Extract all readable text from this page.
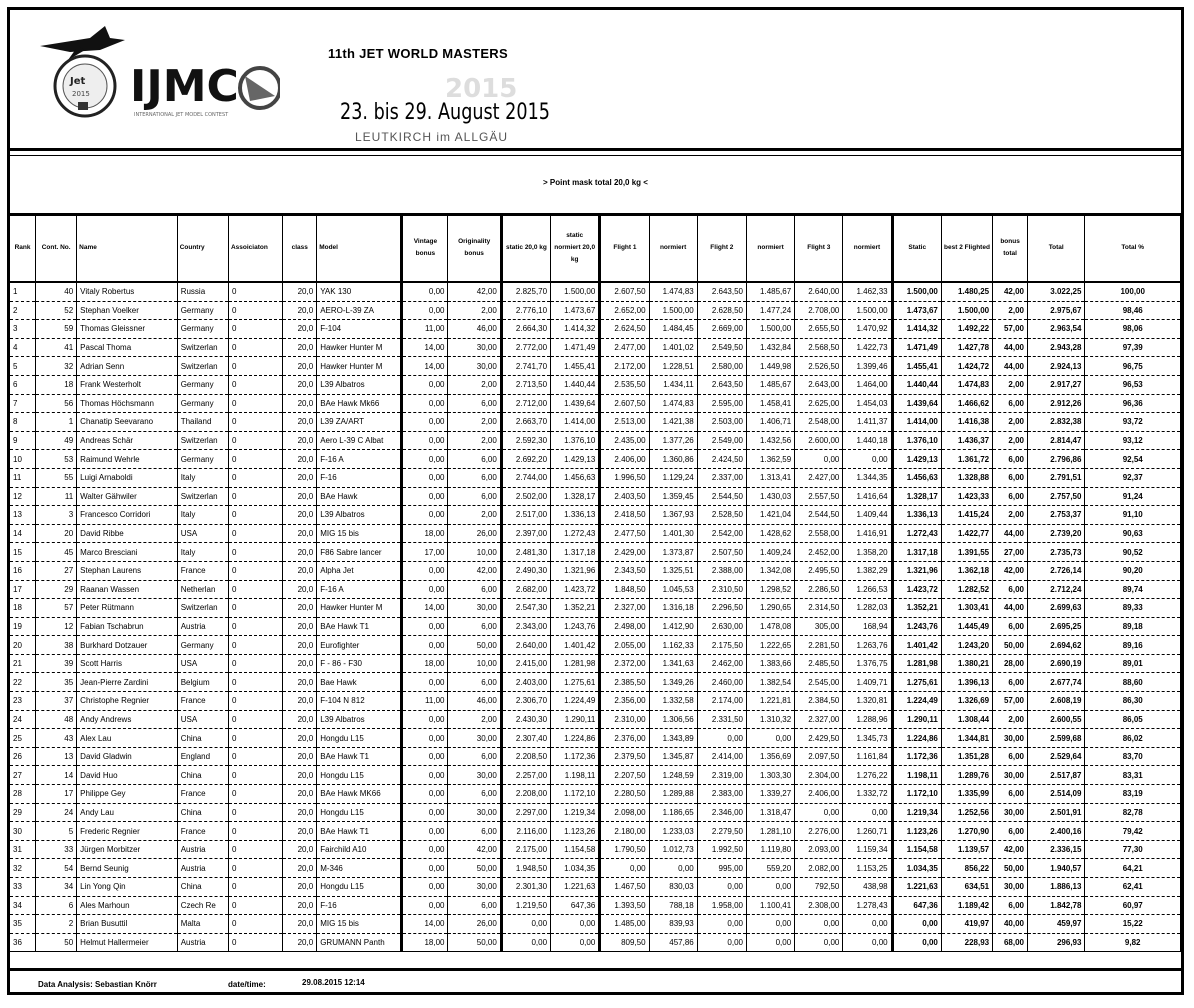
Jet
2015 IJMC
INTERNATIONAL JET MODEL CONTEST
11th JET WORLD MASTERS
2015
23. bis 29. August 2015
LEUTKIRCH im ALLGÄU
> Point mask total 20,0 kg <
Rank	Cont. No.	Name	Country	Assoiciaton	class	Model	Vintage bonus	Originality bonus	static 20,0 kg	static normiert 20,0 kg	Flight 1	normiert	Flight 2	normiert	Flight 3	normiert	Static	best 2 Flighted	bonus total	Total	Total %
1	40	Vitaly Robertus	Russia	0	20,0	YAK 130	0,00	42,00	2.825,70	1.500,00	2.607,50	1.474,83	2.643,50	1.485,67	2.640,00	1.462,33	1.500,00	1.480,25	42,00	3.022,25	100,00
2	52	Stephan Voelker	Germany	0	20,0	AERO-L-39 ZA	0,00	2,00	2.776,10	1.473,67	2.652,00	1.500,00	2.628,50	1.477,24	2.708,00	1.500,00	1.473,67	1.500,00	2,00	2.975,67	98,46
3	59	Thomas Gleissner	Germany	0	20,0	F-104	11,00	46,00	2.664,30	1.414,32	2.624,50	1.484,45	2.669,00	1.500,00	2.655,50	1.470,92	1.414,32	1.492,22	57,00	2.963,54	98,06
4	41	Pascal Thoma	Switzerlan	0	20,0	Hawker Hunter M	14,00	30,00	2.772,00	1.471,49	2.477,00	1.401,02	2.549,50	1.432,84	2.568,50	1.422,73	1.471,49	1.427,78	44,00	2.943,28	97,39
5	32	Adrian Senn	Switzerlan	0	20,0	Hawker Hunter M	14,00	30,00	2.741,70	1.455,41	2.172,00	1.228,51	2.580,00	1.449,98	2.526,50	1.399,46	1.455,41	1.424,72	44,00	2.924,13	96,75
6	18	Frank Westerholt	Germany	0	20,0	L39 Albatros	0,00	2,00	2.713,50	1.440,44	2.535,50	1.434,11	2.643,50	1.485,67	2.643,00	1.464,00	1.440,44	1.474,83	2,00	2.917,27	96,53
7	56	Thomas Höchsmann	Germany	0	20,0	BAe Hawk Mk66	0,00	6,00	2.712,00	1.439,64	2.607,50	1.474,83	2.595,00	1.458,41	2.625,00	1.454,03	1.439,64	1.466,62	6,00	2.912,26	96,36
8	1	Chanatip Seevarano	Thailand	0	20,0	L39 ZA/ART	0,00	2,00	2.663,70	1.414,00	2.513,00	1.421,38	2.503,00	1.406,71	2.548,00	1.411,37	1.414,00	1.416,38	2,00	2.832,38	93,72
9	49	Andreas Schär	Switzerlan	0	20,0	Aero L-39 C Albat	0,00	2,00	2.592,30	1.376,10	2.435,00	1.377,26	2.549,00	1.432,56	2.600,00	1.440,18	1.376,10	1.436,37	2,00	2.814,47	93,12
10	53	Raimund Wehrle	Germany	0	20,0	F-16 A	0,00	6,00	2.692,20	1.429,13	2.406,00	1.360,86	2.424,50	1.362,59	0,00	0,00	1.429,13	1.361,72	6,00	2.796,86	92,54
11	55	Luigi Arnaboldi	Italy	0	20,0	F-16	0,00	6,00	2.744,00	1.456,63	1.996,50	1.129,24	2.337,00	1.313,41	2.427,00	1.344,35	1.456,63	1.328,88	6,00	2.791,51	92,37
12	11	Walter Gähwiler	Switzerlan	0	20,0	BAe Hawk	0,00	6,00	2.502,00	1.328,17	2.403,50	1.359,45	2.544,50	1.430,03	2.557,50	1.416,64	1.328,17	1.423,33	6,00	2.757,50	91,24
13	3	Francesco Corridori	Italy	0	20,0	L39 Albatros	0,00	2,00	2.517,00	1.336,13	2.418,50	1.367,93	2.528,50	1.421,04	2.544,50	1.409,44	1.336,13	1.415,24	2,00	2.753,37	91,10
14	20	David Ribbe	USA	0	20,0	MIG 15 bis	18,00	26,00	2.397,00	1.272,43	2.477,50	1.401,30	2.542,00	1.428,62	2.558,00	1.416,91	1.272,43	1.422,77	44,00	2.739,20	90,63
15	45	Marco Bresciani	Italy	0	20,0	F86 Sabre lancer	17,00	10,00	2.481,30	1.317,18	2.429,00	1.373,87	2.507,50	1.409,24	2.452,00	1.358,20	1.317,18	1.391,55	27,00	2.735,73	90,52
16	27	Stephan Laurens	France	0	20,0	Alpha Jet	0,00	42,00	2.490,30	1.321,96	2.343,50	1.325,51	2.388,00	1.342,08	2.495,50	1.382,29	1.321,96	1.362,18	42,00	2.726,14	90,20
17	29	Raanan Wassen	Netherlan	0	20,0	F-16 A	0,00	6,00	2.682,00	1.423,72	1.848,50	1.045,53	2.310,50	1.298,52	2.286,50	1.266,53	1.423,72	1.282,52	6,00	2.712,24	89,74
18	57	Peter Rütmann	Switzerlan	0	20,0	Hawker Hunter M	14,00	30,00	2.547,30	1.352,21	2.327,00	1.316,18	2.296,50	1.290,65	2.314,50	1.282,03	1.352,21	1.303,41	44,00	2.699,63	89,33
19	12	Fabian Tschabrun	Austria	0	20,0	BAe Hawk T1	0,00	6,00	2.343,00	1.243,76	2.498,00	1.412,90	2.630,00	1.478,08	305,00	168,94	1.243,76	1.445,49	6,00	2.695,25	89,18
20	38	Burkhard Dotzauer	Germany	0	20,0	Eurofighter	0,00	50,00	2.640,00	1.401,42	2.055,00	1.162,33	2.175,50	1.222,65	2.281,50	1.263,76	1.401,42	1.243,20	50,00	2.694,62	89,16
21	39	Scott Harris	USA	0	20,0	F - 86 - F30	18,00	10,00	2.415,00	1.281,98	2.372,00	1.341,63	2.462,00	1.383,66	2.485,50	1.376,75	1.281,98	1.380,21	28,00	2.690,19	89,01
22	35	Jean-Pierre Zardini	Belgium	0	20,0	Bae Hawk	0,00	6,00	2.403,00	1.275,61	2.385,50	1.349,26	2.460,00	1.382,54	2.545,00	1.409,71	1.275,61	1.396,13	6,00	2.677,74	88,60
23	37	Christophe Regnier	France	0	20,0	F-104 N 812	11,00	46,00	2.306,70	1.224,49	2.356,00	1.332,58	2.174,00	1.221,81	2.384,50	1.320,81	1.224,49	1.326,69	57,00	2.608,19	86,30
24	48	Andy Andrews	USA	0	20,0	L39 Albatros	0,00	2,00	2.430,30	1.290,11	2.310,00	1.306,56	2.331,50	1.310,32	2.327,00	1.288,96	1.290,11	1.308,44	2,00	2.600,55	86,05
25	43	Alex Lau	China	0	20,0	Hongdu L15	0,00	30,00	2.307,40	1.224,86	2.376,00	1.343,89	0,00	0,00	2.429,50	1.345,73	1.224,86	1.344,81	30,00	2.599,68	86,02
26	13	David Gladwin	England	0	20,0	BAe Hawk T1	0,00	6,00	2.208,50	1.172,36	2.379,50	1.345,87	2.414,00	1.356,69	2.097,50	1.161,84	1.172,36	1.351,28	6,00	2.529,64	83,70
27	14	David Huo	China	0	20,0	Hongdu L15	0,00	30,00	2.257,00	1.198,11	2.207,50	1.248,59	2.319,00	1.303,30	2.304,00	1.276,22	1.198,11	1.289,76	30,00	2.517,87	83,31
28	17	Philippe Gey	France	0	20,0	BAe Hawk MK66	0,00	6,00	2.208,00	1.172,10	2.280,50	1.289,88	2.383,00	1.339,27	2.406,00	1.332,72	1.172,10	1.335,99	6,00	2.514,09	83,19
29	24	Andy Lau	China	0	20,0	Hongdu L15	0,00	30,00	2.297,00	1.219,34	2.098,00	1.186,65	2.346,00	1.318,47	0,00	0,00	1.219,34	1.252,56	30,00	2.501,91	82,78
30	5	Frederic Regnier	France	0	20,0	BAe Hawk T1	0,00	6,00	2.116,00	1.123,26	2.180,00	1.233,03	2.279,50	1.281,10	2.276,00	1.260,71	1.123,26	1.270,90	6,00	2.400,16	79,42
31	33	Jürgen Morbitzer	Austria	0	20,0	Fairchild A10	0,00	42,00	2.175,00	1.154,58	1.790,50	1.012,73	1.992,50	1.119,80	2.093,00	1.159,34	1.154,58	1.139,57	42,00	2.336,15	77,30
32	54	Bernd Seunig	Austria	0	20,0	M-346	0,00	50,00	1.948,50	1.034,35	0,00	0,00	995,00	559,20	2.082,00	1.153,25	1.034,35	856,22	50,00	1.940,57	64,21
33	34	Lin Yong Qin	China	0	20,0	Hongdu L15	0,00	30,00	2.301,30	1.221,63	1.467,50	830,03	0,00	0,00	792,50	438,98	1.221,63	634,51	30,00	1.886,13	62,41
34	6	Ales Marhoun	Czech Re	0	20,0	F-16	0,00	6,00	1.219,50	647,36	1.393,50	788,18	1.958,00	1.100,41	2.308,00	1.278,43	647,36	1.189,42	6,00	1.842,78	60,97
35	2	Brian Busuttil	Malta	0	20,0	MIG 15 bis	14,00	26,00	0,00	0,00	1.485,00	839,93	0,00	0,00	0,00	0,00	0,00	419,97	40,00	459,97	15,22
36	50	Helmut Hallermeier	Austria	0	20,0	GRUMANN Panth	18,00	50,00	0,00	0,00	809,50	457,86	0,00	0,00	0,00	0,00	0,00	228,93	68,00	296,93	9,82
Data Analysis: Sebastian Knörr	date/time:	29.08.2015 12:14
